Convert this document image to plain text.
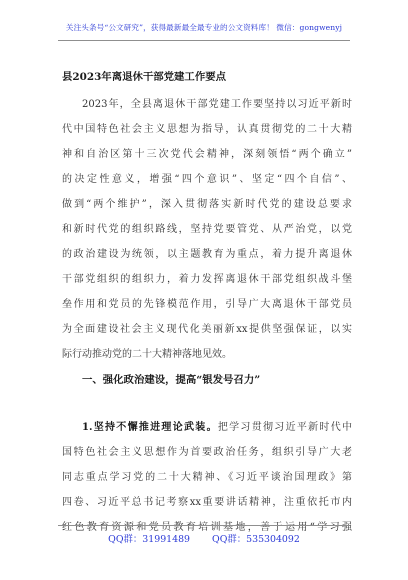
关注头条号“公文研究”，获得最新最全最专业的公文资料库！ 微信：gongwenyj
县2023年离退休干部党建工作要点
2023年，全县离退休干部党建工作要坚持以习近平新时
代中国特色社会主义思想为指导，认真贯彻党的二十大精
神和自治区第十三次党代会精神，深刻领悟“两个确立”
的决定性意义，增强“四个意识”、坚定“四个自信”、
做到“两个维护”，深入贯彻落实新时代党的建设总要求
和新时代党的组织路线，坚持党要管党、从严治党，以党
的政治建设为统领，以主题教育为重点，着力提升离退休
干部党组织的组织力，着力发挥离退休干部党组织战斗堡
垒作用和党员的先锋模范作用，引导广大离退休干部党员
为全面建设社会主义现代化美丽新xx提供坚强保证，以实
际行动推动党的二十大精神落地见效。
一、强化政治建设，提高“银发号召力”
1.坚持不懈推进理论武装。把学习贯彻习近平新时代中
国特色社会主义思想作为首要政治任务，组织引导广大老
同志重点学习党的二十大精神、《习近平谈治国理政》第
四卷、习近平总书记考察xx重要讲话精神，注重依托市内
红色教育资源和党员教育培训基地，善于运用“学习强
QQ群：31991489 QQ群：535304092
